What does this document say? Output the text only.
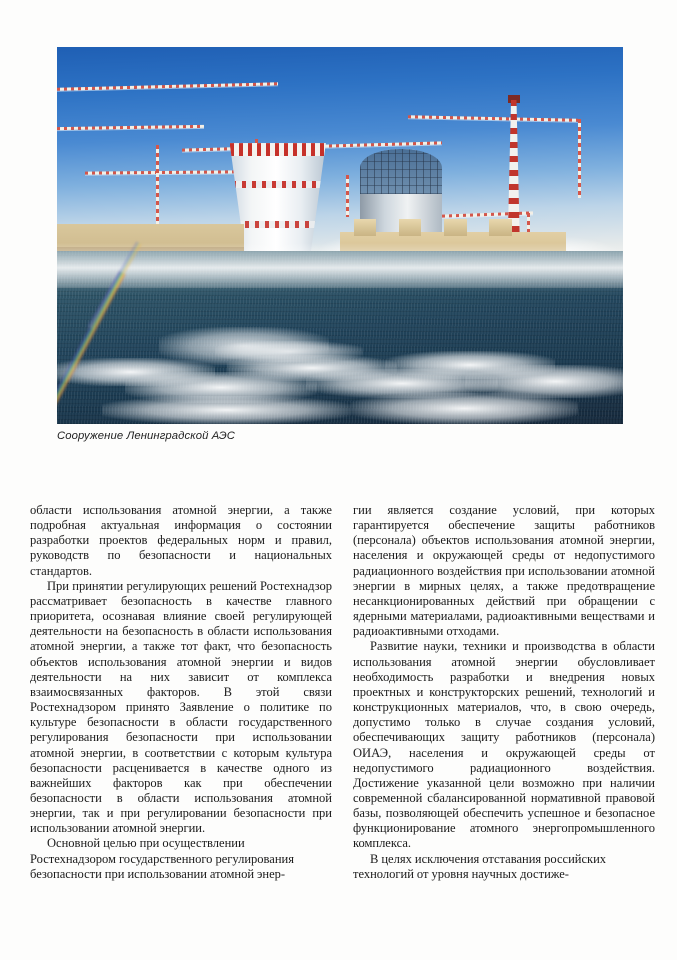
Сооружение Ленинградской АЭС

области использования атомной энергии, а также подробная актуальная информация о состоянии разработки проектов федеральных норм и правил, руководств по безопасности и национальных стандартов.

При принятии регулирующих решений Ростехнадзор рассматривает безопасность в качестве главного приоритета, осознавая влияние своей регулирующей деятельности на безопасность в области использования атомной энергии, а также тот факт, что безопасность объектов использования атомной энергии и видов деятельности на них зависит от комплекса взаимосвязанных факторов. В этой связи Ростехнадзором принято Заявление о политике по культуре безопасности в области государственного регулирования безопасности при использовании атомной энергии, в соответствии с которым культура безопасности расценивается в качестве одного из важнейших факторов как при обеспечении безопасности в области использования атомной энергии, так и при регулировании безопасности при использовании атомной энергии.

Основной целью при осуществлении Ростехнадзором государственного регулирования безопасности при использовании атомной энер-

гии является создание условий, при которых гарантируется обеспечение защиты работников (персонала) объектов использования атомной энергии, населения и окружающей среды от недопустимого радиационного воздействия при использовании атомной энергии в мирных целях, а также предотвращение несанкционированных действий при обращении с ядерными материалами, радиоактивными веществами и радиоактивными отходами.

Развитие науки, техники и производства в области использования атомной энергии обусловливает необходимость разработки и внедрения новых проектных и конструкторских решений, технологий и конструкционных материалов, что, в свою очередь, допустимо только в случае создания условий, обеспечивающих защиту работников (персонала) ОИАЭ, населения и окружающей среды от недопустимого радиационного воздействия. Достижение указанной цели возможно при наличии современной сбалансированной нормативной правовой базы, позволяющей обеспечить успешное и безопасное функционирование атомного энергопромышленного комплекса.

В целях исключения отставания российских технологий от уровня научных достиже-
